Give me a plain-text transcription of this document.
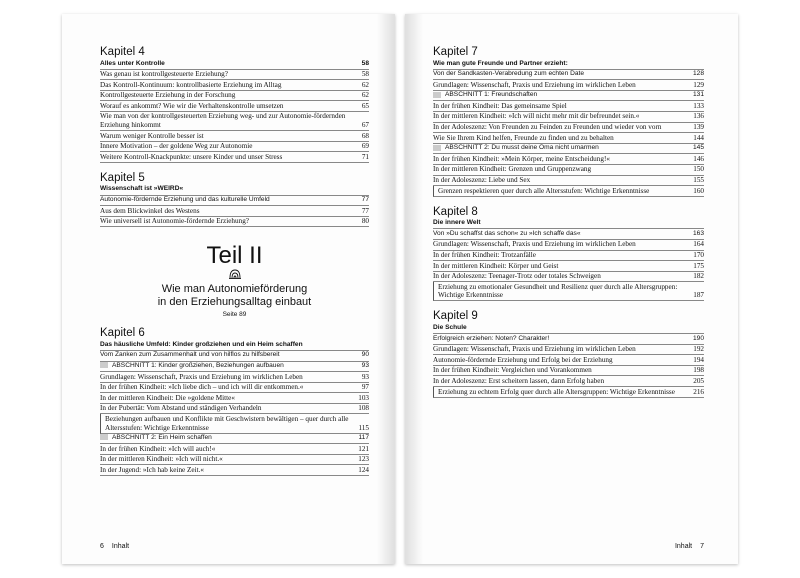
Kapitel 4
Alles unter Kontrolle	58
Was genau ist kontrollgesteuerte Erziehung?	58
Das Kontroll-Kontinuum: kontrollbasierte Erziehung im Alltag	62
Kontrollgesteuerte Erziehung in der Forschung	62
Worauf es ankommt? Wie wir die Verhaltenskontrolle umsetzen	65
Wie man von der kontrollgesteuerten Erziehung weg- und zur Autonomie-fördernden Erziehung hinkommt	67
Warum weniger Kontrolle besser ist	68
Innere Motivation – der goldene Weg zur Autonomie	69
Weitere Kontroll-Knackpunkte: unsere Kinder und unser Stress	71
Kapitel 5
Wissenschaft ist »WEIRD«
Autonomie-fördernde Erziehung und das kulturelle Umfeld	77
Aus dem Blickwinkel des Westens	77
Wie universell ist Autonomie-fördernde Erziehung?	80
Teil II
Wie man Autonomieförderung
in den Erziehungsalltag einbaut
Seite 89
Kapitel 6
Das häusliche Umfeld: Kinder großziehen und ein Heim schaffen
Vom Zanken zum Zusammenhalt und von hilflos zu hilfsbereit	90
ABSCHNITT 1: Kinder großziehen, Beziehungen aufbauen	93
Grundlagen: Wissenschaft, Praxis und Erziehung im wirklichen Leben	93
In der frühen Kindheit: »Ich liebe dich – und ich will dir entkommen.«	97
In der mittleren Kindheit: Die »goldene Mitte«	103
In der Pubertät: Vom Abstand und ständigen Verhandeln	108
Beziehungen aufbauen und Konflikte mit Geschwistern bewältigen – quer durch alle Altersstufen: Wichtige Erkenntnisse	115
ABSCHNITT 2: Ein Heim schaffen	117
In der frühen Kindheit: »Ich will auch!«	121
In der mittleren Kindheit: »Ich will nicht.«	123
In der Jugend: »Ich hab keine Zeit.«	124
6 Inhalt
Kapitel 7
Wie man gute Freunde und Partner erzieht:
Von der Sandkasten-Verabredung zum echten Date	128
Grundlagen: Wissenschaft, Praxis und Erziehung im wirklichen Leben	129
ABSCHNITT 1: Freundschaften	131
In der frühen Kindheit: Das gemeinsame Spiel	133
In der mittleren Kindheit: »Ich will nicht mehr mit dir befreundet sein.«	136
In der Adoleszenz: Von Freunden zu Feinden zu Freunden und wieder von vorn	139
Wie Sie Ihrem Kind helfen, Freunde zu finden und zu behalten	144
ABSCHNITT 2: Du musst deine Oma nicht umarmen	145
In der frühen Kindheit: »Mein Körper, meine Entscheidung!«	146
In der mittleren Kindheit: Grenzen und Gruppenzwang	150
In der Adoleszenz: Liebe und Sex	155
Grenzen respektieren quer durch alle Altersstufen: Wichtige Erkenntnisse	160
Kapitel 8
Die innere Welt
Von »Du schaffst das schon« zu »Ich schaffe das«	163
Grundlagen: Wissenschaft, Praxis und Erziehung im wirklichen Leben	164
In der frühen Kindheit: Trotzanfälle	170
In der mittleren Kindheit: Körper und Geist	175
In der Adoleszenz: Teenager-Trotz oder totales Schweigen	182
Erziehung zu emotionaler Gesundheit und Resilienz quer durch alle Altersgruppen: Wichtige Erkenntnisse	187
Kapitel 9
Die Schule
Erfolgreich erziehen: Noten? Charakter!	190
Grundlagen: Wissenschaft, Praxis und Erziehung im wirklichen Leben	192
Autonomie-fördernde Erziehung und Erfolg bei der Erziehung	194
In der frühen Kindheit: Vergleichen und Vorankommen	198
In der Adoleszenz: Erst scheitern lassen, dann Erfolg haben	205
Erziehung zu echtem Erfolg quer durch alle Altersgruppen: Wichtige Erkenntnisse	216
Inhalt 7
